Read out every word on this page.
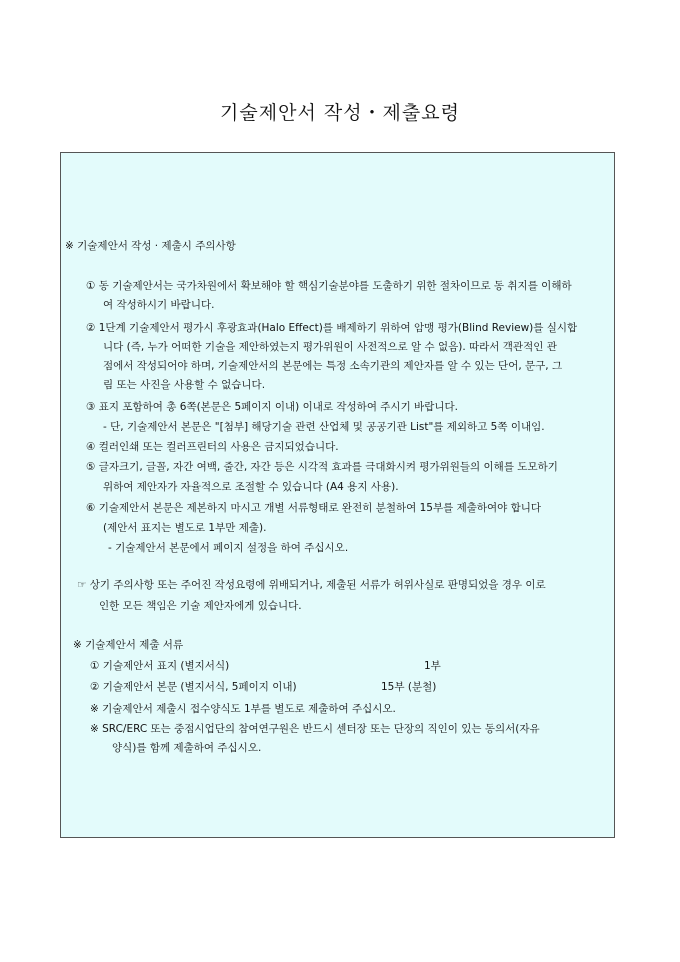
기술제안서 작성・제출요령
※ 기술제안서 작성 · 제출시 주의사항
① 동 기술제안서는 국가차원에서 확보해야 할 핵심기술분야를 도출하기 위한 절차이므로 동 취지를 이해하
여 작성하시기 바랍니다.
② 1단계 기술제안서 평가시 후광효과(Halo Effect)를 배제하기 위하여 암맹 평가(Blind Review)를 실시합
니다 (즉, 누가 어떠한 기술을 제안하였는지 평가위원이 사전적으로 알 수 없음). 따라서 객관적인 관
점에서 작성되어야 하며, 기술제안서의 본문에는 특정 소속기관의 제안자를 알 수 있는 단어, 문구, 그
림 또는 사진을 사용할 수 없습니다.
③ 표지 포함하여 총 6쪽(본문은 5페이지 이내) 이내로 작성하여 주시기 바랍니다.
- 단, 기술제안서 본문은 "[첨부] 해당기술 관련 산업체 및 공공기관 List"를 제외하고 5쪽 이내임.
④ 컬러인쇄 또는 컬러프린터의 사용은 금지되었습니다.
⑤ 글자크기, 글꼴, 자간 여백, 줄간, 자간 등은 시각적 효과를 극대화시켜 평가위원들의 이해를 도모하기
위하여 제안자가 자율적으로 조절할 수 있습니다 (A4 용지 사용).
⑥ 기술제안서 본문은 제본하지 마시고 개별 서류형태로 완전히 분철하여 15부를 제출하여야 합니다
(제안서 표지는 별도로 1부만 제출).
- 기술제안서 본문에서 페이지 설정을 하여 주십시오.
☞ 상기 주의사항 또는 주어진 작성요령에 위배되거나, 제출된 서류가 허위사실로 판명되었을 경우 이로
인한 모든 책임은 기술 제안자에게 있습니다.
※ 기술제안서 제출 서류
① 기술제안서 표지 (별지서식)	1부
② 기술제안서 본문 (별지서식, 5페이지 이내)	15부 (분철)
※ 기술제안서 제출시 접수양식도 1부를 별도로 제출하여 주십시오.
※ SRC/ERC 또는 중점시업단의 참여연구원은 반드시 센터장 또는 단장의 직인이 있는 동의서(자유
양식)를 함께 제출하여 주십시오.
